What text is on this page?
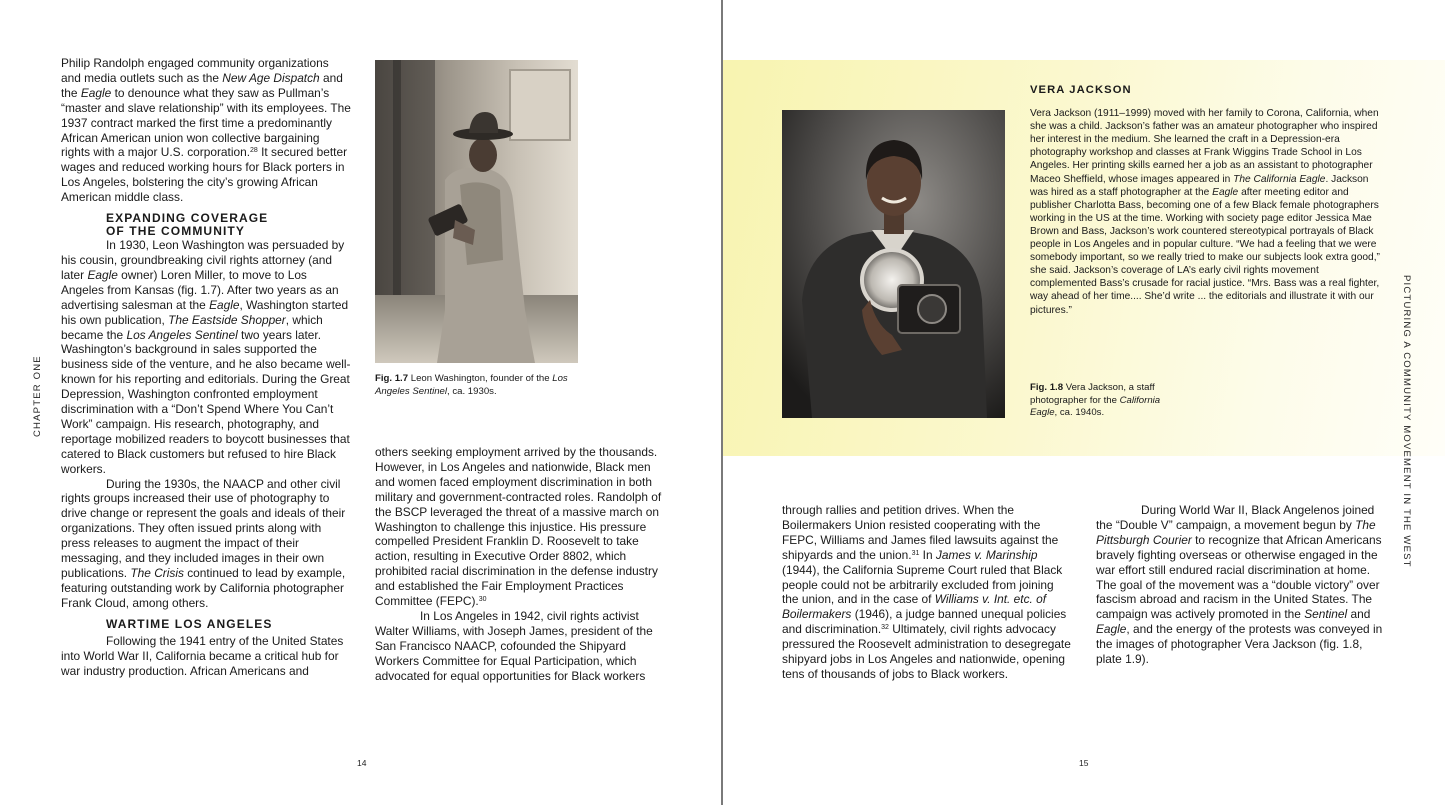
Philip Randolph engaged community organizations and media outlets such as the New Age Dispatch and the Eagle to denounce what they saw as Pullman’s “master and slave relationship” with its employees. The 1937 contract marked the first time a predominantly African American union won collective bargaining rights with a major U.S. corporation.$^{28}$ It secured better wages and reduced working hours for Black porters in Los Angeles, bolstering the city’s growing African American middle class.

EXPANDING COVERAGE

OF THE COMMUNITY

In 1930, Leon Washington was persuaded by his cousin, groundbreaking civil rights attorney (and later Eagle owner) Loren Miller, to move to Los Angeles from Kansas (fig. 1.7). After two years as an advertising salesman at the Eagle, Washington started his own publication, The Eastside Shopper, which became the Los Angeles Sentinel two years later. Washington’s background in sales supported the business side of the venture, and he also became well-known for his reporting and editorials. During the Great Depression, Washington confronted employment discrimination with a “Don’t Spend Where You Can’t Work” campaign. His research, photography, and reportage mobilized readers to boycott businesses that catered to Black customers but refused to hire Black workers.

During the 1930s, the NAACP and other civil rights groups increased their use of photography to drive change or represent the goals and ideals of their organizations. They often issued prints along with press releases to augment the impact of their messaging, and they included images in their own publications. The Crisis continued to lead by example, featuring outstanding work by California photographer Frank Cloud, among others.

WARTIME LOS ANGELES

Following the 1941 entry of the United States into World War II, California became a critical hub for war industry production. African Americans and

Fig. 1.7 Leon Washington, founder of the Los Angeles Sentinel, ca. 1930s.

others seeking employment arrived by the thousands. However, in Los Angeles and nationwide, Black men and women faced employment discrimination in both military and government-contracted roles. Randolph of the BSCP leveraged the threat of a massive march on Washington to challenge this injustice. His pressure compelled President Franklin D. Roosevelt to take action, resulting in Executive Order 8802, which prohibited racial discrimination in the defense industry and established the Fair Employment Practices Committee (FEPC).$^{30}$

In Los Angeles in 1942, civil rights activist Walter Williams, with Joseph James, president of the San Francisco NAACP, cofounded the Shipyard Workers Committee for Equal Participation, which advocated for equal opportunities for Black workers

CHAPTER ONE
14
Fig. 1.8 Vera Jackson, a staff photographer for the California Eagle, ca. 1940s.

VERA JACKSON

Vera Jackson (1911–1999) moved with her family to Corona, California, when she was a child. Jackson’s father was an amateur photographer who inspired her interest in the medium. She learned the craft in a Depression-era photography workshop and classes at Frank Wiggins Trade School in Los Angeles. Her printing skills earned her a job as an assistant to photographer Maceo Sheffield, whose images appeared in The California Eagle. Jackson was hired as a staff photographer at the Eagle after meeting editor and publisher Charlotta Bass, becoming one of a few Black female photographers working in the US at the time. Working with society page editor Jessica Mae Brown and Bass, Jackson’s work countered stereotypical portrayals of Black people in Los Angeles and in popular culture. “We had a feeling that we were somebody important, so we really tried to make our subjects look extra good,” she said. Jackson’s coverage of LA’s early civil rights movement complemented Bass’s crusade for racial justice. “Mrs. Bass was a real fighter, way ahead of her time.... She’d write ... the editorials and illustrate it with our pictures.”

through rallies and petition drives. When the Boilermakers Union resisted cooperating with the FEPC, Williams and James filed lawsuits against the shipyards and the union.$^{31}$ In James v. Marinship (1944), the California Supreme Court ruled that Black people could not be arbitrarily excluded from joining the union, and in the case of Williams v. Int. etc. of Boilermakers (1946), a judge banned unequal policies and discrimination.$^{32}$ Ultimately, civil rights advocacy pressured the Roosevelt administration to desegregate shipyard jobs in Los Angeles and nationwide, opening tens of thousands of jobs to Black workers.

During World War II, Black Angelenos joined the “Double V” campaign, a movement begun by The Pittsburgh Courier to recognize that African Americans bravely fighting overseas or otherwise engaged in the war effort still endured racial discrimination at home. The goal of the movement was a “double victory” over fascism abroad and racism in the United States. The campaign was actively promoted in the Sentinel and Eagle, and the energy of the protests was conveyed in the images of photographer Vera Jackson (fig. 1.8, plate 1.9).

PICTURING A COMMUNITY MOVEMENT IN THE WEST
15
